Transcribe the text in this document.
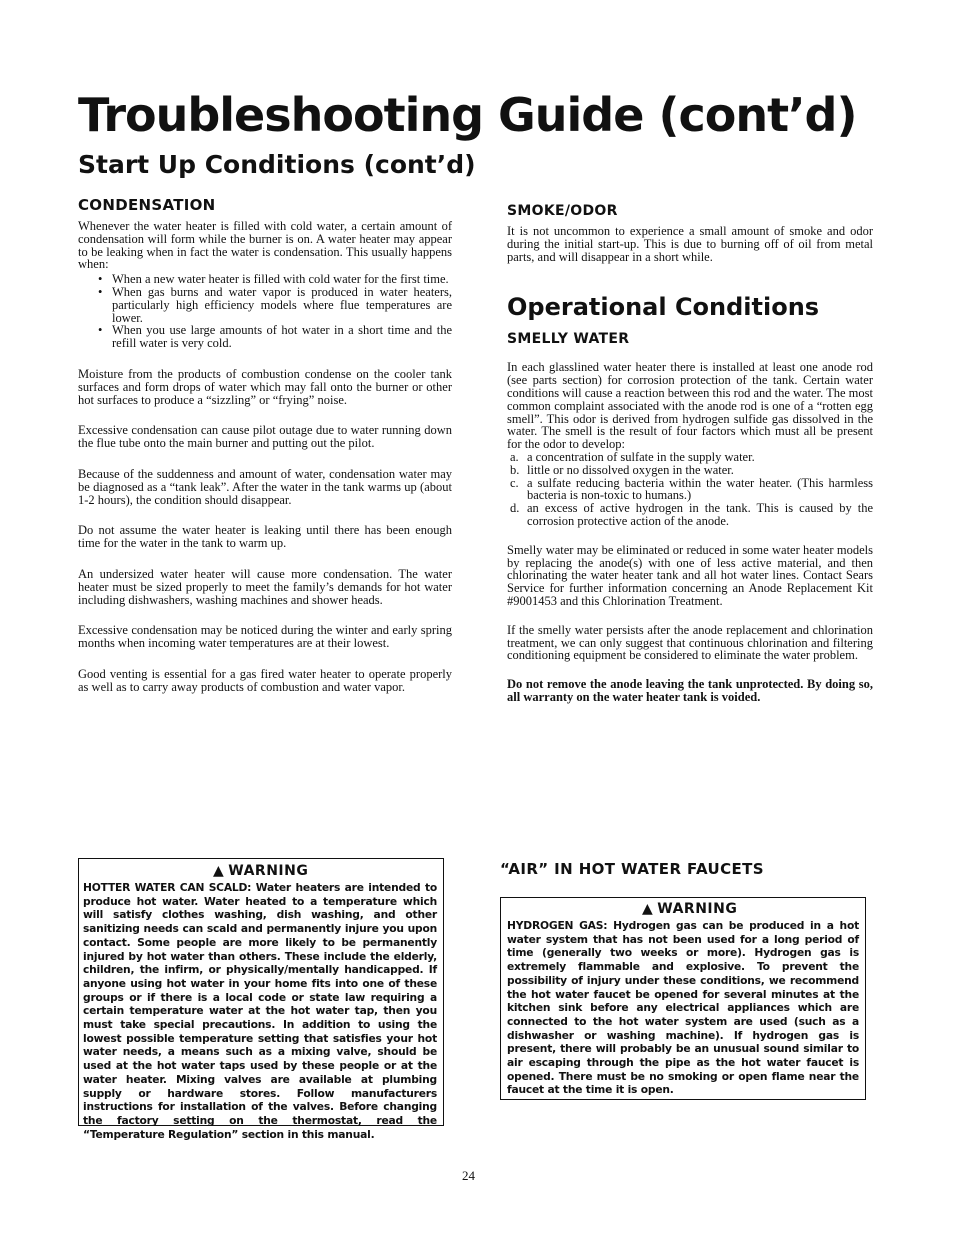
Troubleshooting Guide (cont’d)
Start Up Conditions (cont’d)
CONDENSATION

Whenever the water heater is filled with cold water, a certain amount of condensation will form while the burner is on. A water heater may appear to be leaking when in fact the water is condensation. This usually happens when:

• When a new water heater is filled with cold water for the first time.
• When gas burns and water vapor is produced in water heaters, particularly high efficiency models where flue temperatures are lower.
• When you use large amounts of hot water in a short time and the refill water is very cold.

Moisture from the products of combustion condense on the cooler tank surfaces and form drops of water which may fall onto the burner or other hot surfaces to produce a “sizzling” or “frying” noise.

Excessive condensation can cause pilot outage due to water running down the flue tube onto the main burner and putting out the pilot.

Because of the suddenness and amount of water, condensation water may be diagnosed as a “tank leak”. After the water in the tank warms up (about 1-2 hours), the condition should disappear.

Do not assume the water heater is leaking until there has been enough time for the water in the tank to warm up.

An undersized water heater will cause more condensation. The water heater must be sized properly to meet the family’s demands for hot water including dishwashers, washing machines and shower heads.

Excessive condensation may be noticed during the winter and early spring months when incoming water temperatures are at their lowest.

Good venting is essential for a gas fired water heater to operate properly as well as to carry away products of combustion and water vapor.

SMOKE/ODOR

It is not uncommon to experience a small amount of smoke and odor during the initial start-up. This is due to burning off of oil from metal parts, and will disappear in a short while.

Operational Conditions
SMELLY WATER

In each glasslined water heater there is installed at least one anode rod (see parts section) for corrosion protection of the tank. Certain water conditions will cause a reaction between this rod and the water. The most common complaint associated with the anode rod is one of a “rotten egg smell”. This odor is derived from hydrogen sulfide gas dissolved in the water. The smell is the result of four factors which must all be present for the odor to develop:

a. a concentration of sulfate in the supply water.
b. little or no dissolved oxygen in the water.
c. a sulfate reducing bacteria within the water heater. (This harmless bacteria is non-toxic to humans.)
d. an excess of active hydrogen in the tank. This is caused by the corrosion protective action of the anode.

Smelly water may be eliminated or reduced in some water heater models by replacing the anode(s) with one of less active material, and then chlorinating the water heater tank and all hot water lines. Contact Sears Service for further information concerning an Anode Replacement Kit #9001453 and this Chlorination Treatment.

If the smelly water persists after the anode replacement and chlorination treatment, we can only suggest that continuous chlorination and filtering conditioning equipment be considered to eliminate the water problem.

Do not remove the anode leaving the tank unprotected. By doing so, all warranty on the water heater tank is voided.

▲ WARNING

HOTTER WATER CAN SCALD: Water heaters are intended to produce hot water. Water heated to a temperature which will satisfy clothes washing, dish washing, and other sanitizing needs can scald and permanently injure you upon contact. Some people are more likely to be permanently injured by hot water than others. These include the elderly, children, the infirm, or physically/mentally handicapped. If anyone using hot water in your home fits into one of these groups or if there is a local code or state law requiring a certain temperature water at the hot water tap, then you must take special precautions. In addition to using the lowest possible temperature setting that satisfies your hot water needs, a means such as a mixing valve, should be used at the hot water taps used by these people or at the water heater. Mixing valves are available at plumbing supply or hardware stores. Follow manufacturers instructions for installation of the valves. Before changing the factory setting on the thermostat, read the “Temperature Regulation” section in this manual.

“AIR” IN HOT WATER FAUCETS
▲ WARNING

HYDROGEN GAS: Hydrogen gas can be produced in a hot water system that has not been used for a long period of time (generally two weeks or more). Hydrogen gas is extremely flammable and explosive. To prevent the possibility of injury under these conditions, we recommend the hot water faucet be opened for several minutes at the kitchen sink before any electrical appliances which are connected to the hot water system are used (such as a dishwasher or washing machine). If hydrogen gas is present, there will probably be an unusual sound similar to air escaping through the pipe as the hot water faucet is opened. There must be no smoking or open flame near the faucet at the time it is open.

24
